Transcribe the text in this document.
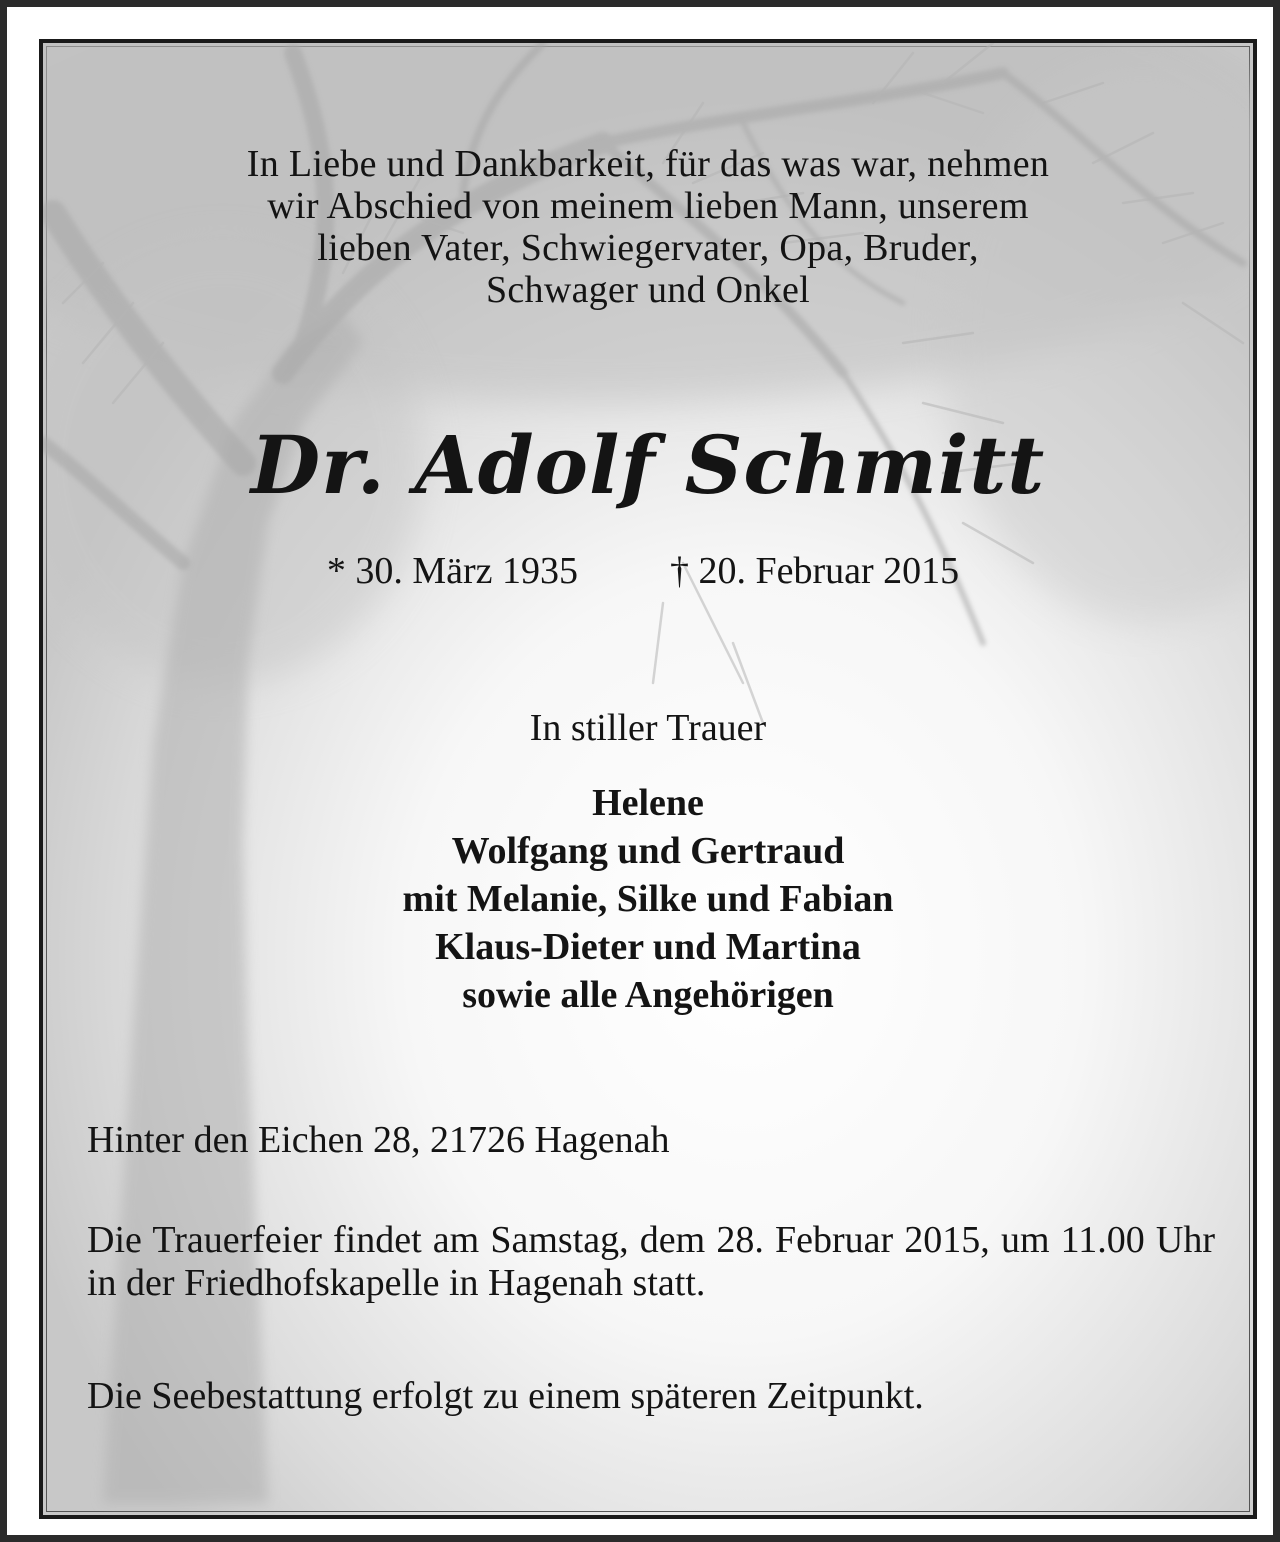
In Liebe und Dankbarkeit, für das was war, nehmen
wir Abschied von meinem lieben Mann, unserem
lieben Vater, Schwiegervater, Opa, Bruder,
Schwager und Onkel
Dr. Adolf Schmitt
* 30. März 1935 † 20. Februar 2015
In stiller Trauer
Helene
Wolfgang und Gertraud
mit Melanie, Silke und Fabian
Klaus-Dieter und Martina
sowie alle Angehörigen
Hinter den Eichen 28, 21726 Hagenah
Die Trauerfeier findet am Samstag, dem 28. Februar 2015, um 11.00 Uhr in der Friedhofskapelle in Hagenah statt.
Die Seebestattung erfolgt zu einem späteren Zeitpunkt.
